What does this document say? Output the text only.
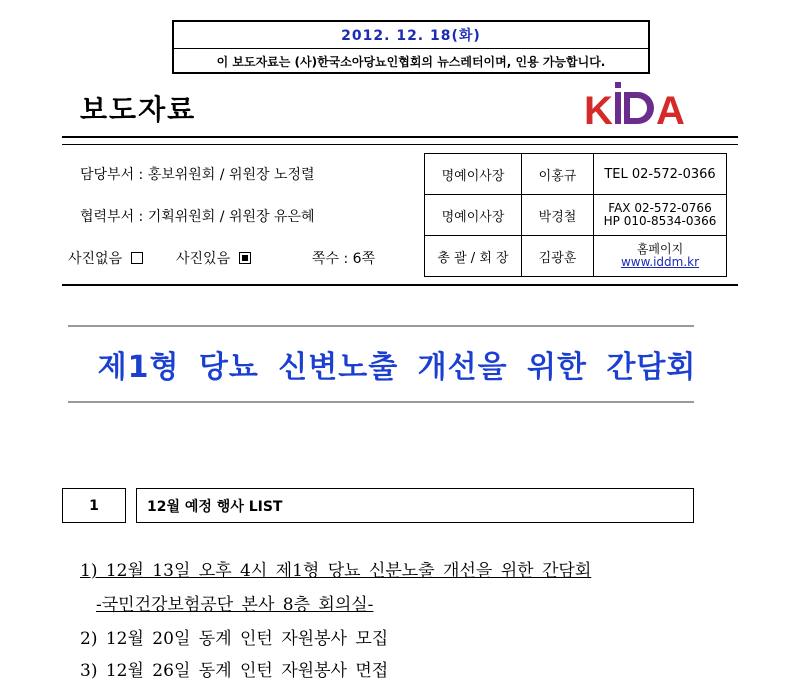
2012. 12. 18(화)
이 보도자료는 (사)한국소아당뇨인협회의 뉴스레터이며, 인용 가능합니다.
보도자료	K A
담당부서 : 홍보위원회 / 위원장 노정렬
협력부서 : 기획위원회 / 위원장 유은혜
사진없음	사진있음	쪽수 : 6쪽
명예이사장	이홍규	TEL 02-572-0366
명예이사장	박경철	FAX 02-572-0766
HP 010-8534-0366

총 괄 / 회 장	김광훈	홈페이지 www.iddm.kr
제1형 당뇨 신변노출 개선을 위한 간담회
1	12월 예정 행사 LIST
1) 12월 13일 오후 4시 제1형 당뇨 신분노출 개선을 위한 간담회
-국민건강보험공단 본사 8층 회의실-
2) 12월 20일 동계 인턴 자원봉사 모집
3) 12월 26일 동계 인턴 자원봉사 면접
